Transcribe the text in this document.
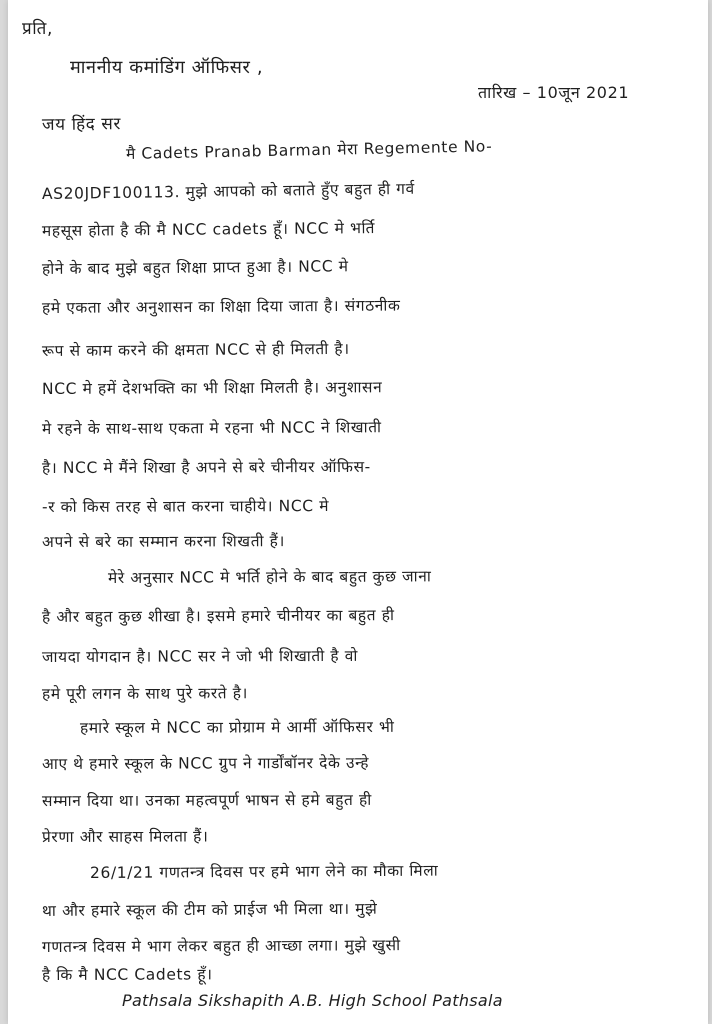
प्रति,
माननीय कमांडिंग ऑफिसर ,
तारिख – 10जून 2021
जय हिंद सर
मै Cadets Pranab Barman मेरा Regemente No-
AS20JDF100113. मुझे आपको को बताते हुँए बहुत ही गर्व
महसूस होता है की मै NCC cadets हूँ। NCC मे भर्ति
होने के बाद मुझे बहुत शिक्षा प्राप्त हुआ है। NCC मे
हमे एकता और अनुशासन का शिक्षा दिया जाता है। संगठनीक
रूप से काम करने की क्षमता NCC से ही मिलती है।
NCC मे हमें देशभक्ति का भी शिक्षा मिलती है। अनुशासन
मे रहने के साथ-साथ एकता मे रहना भी NCC ने शिखाती
है। NCC मे मैंने शिखा है अपने से बरे चीनीयर ऑफिस-
-र को किस तरह से बात करना चाहीये। NCC मे
अपने से बरे का सम्मान करना शिखती हैं।
मेरे अनुसार NCC मे भर्ति होने के बाद बहुत कुछ जाना
है और बहुत कुछ शीखा है। इसमे हमारे चीनीयर का बहुत ही
जायदा योगदान है। NCC सर ने जो भी शिखाती है वो
हमे पूरी लगन के साथ पुरे करते है।
हमारे स्कूल मे NCC का प्रोग्राम मे आर्मी ऑफिसर भी
आए थे हमारे स्कूल के NCC ग्रुप ने गार्डोंबॉनर देके उन्हे
सम्मान दिया था। उनका महत्वपूर्ण भाषन से हमे बहुत ही
प्रेरणा और साहस मिलता हैं।
26/1/21 गणतन्त्र दिवस पर हमे भाग लेने का मौका मिला
था और हमारे स्कूल की टीम को प्राईज भी मिला था। मुझे
गणतन्त्र दिवस मे भाग लेकर बहुत ही आच्छा लगा। मुझे खुसी
है कि मै NCC Cadets हूँ।
Pathsala Sikshapith A.B. High School Pathsala
